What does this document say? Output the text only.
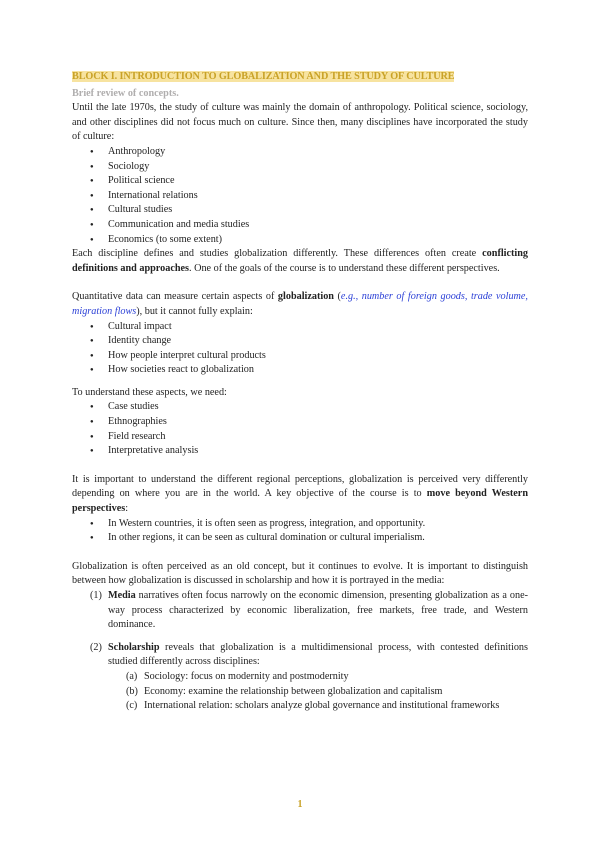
BLOCK I. INTRODUCTION TO GLOBALIZATION AND THE STUDY OF CULTURE
Brief review of concepts.

Until the late 1970s, the study of culture was mainly the domain of anthropology. Political science, sociology, and other disciplines did not focus much on culture. Since then, many disciplines have incorporated the study of culture:

● Anthropology
● Sociology
● Political science
● International relations
● Cultural studies
● Communication and media studies
● Economics (to some extent)

Each discipline defines and studies globalization differently. These differences often create conflicting definitions and approaches. One of the goals of the course is to understand these different perspectives.

Quantitative data can measure certain aspects of globalization (e.g., number of foreign goods, trade volume, migration flows), but it cannot fully explain:

● Cultural impact
● Identity change
● How people interpret cultural products
● How societies react to globalization

To understand these aspects, we need:

● Case studies
● Ethnographies
● Field research
● Interpretative analysis

It is important to understand the different regional perceptions, globalization is perceived very differently depending on where you are in the world. A key objective of the course is to move beyond Western perspectives:

● In Western countries, it is often seen as progress, integration, and opportunity.
● In other regions, it can be seen as cultural domination or cultural imperialism.

Globalization is often perceived as an old concept, but it continues to evolve. It is important to distinguish between how globalization is discussed in scholarship and how it is portrayed in the media:

(1) Media narratives often focus narrowly on the economic dimension, presenting globalization as a one-way process characterized by economic liberalization, free markets, free trade, and Western dominance.
(2) Scholarship reveals that globalization is a multidimensional process, with contested definitions studied differently across disciplines:
(a) Sociology: focus on modernity and postmodernity
(b) Economy: examine the relationship between globalization and capitalism
(c) International relation: scholars analyze global governance and institutional frameworks
1
